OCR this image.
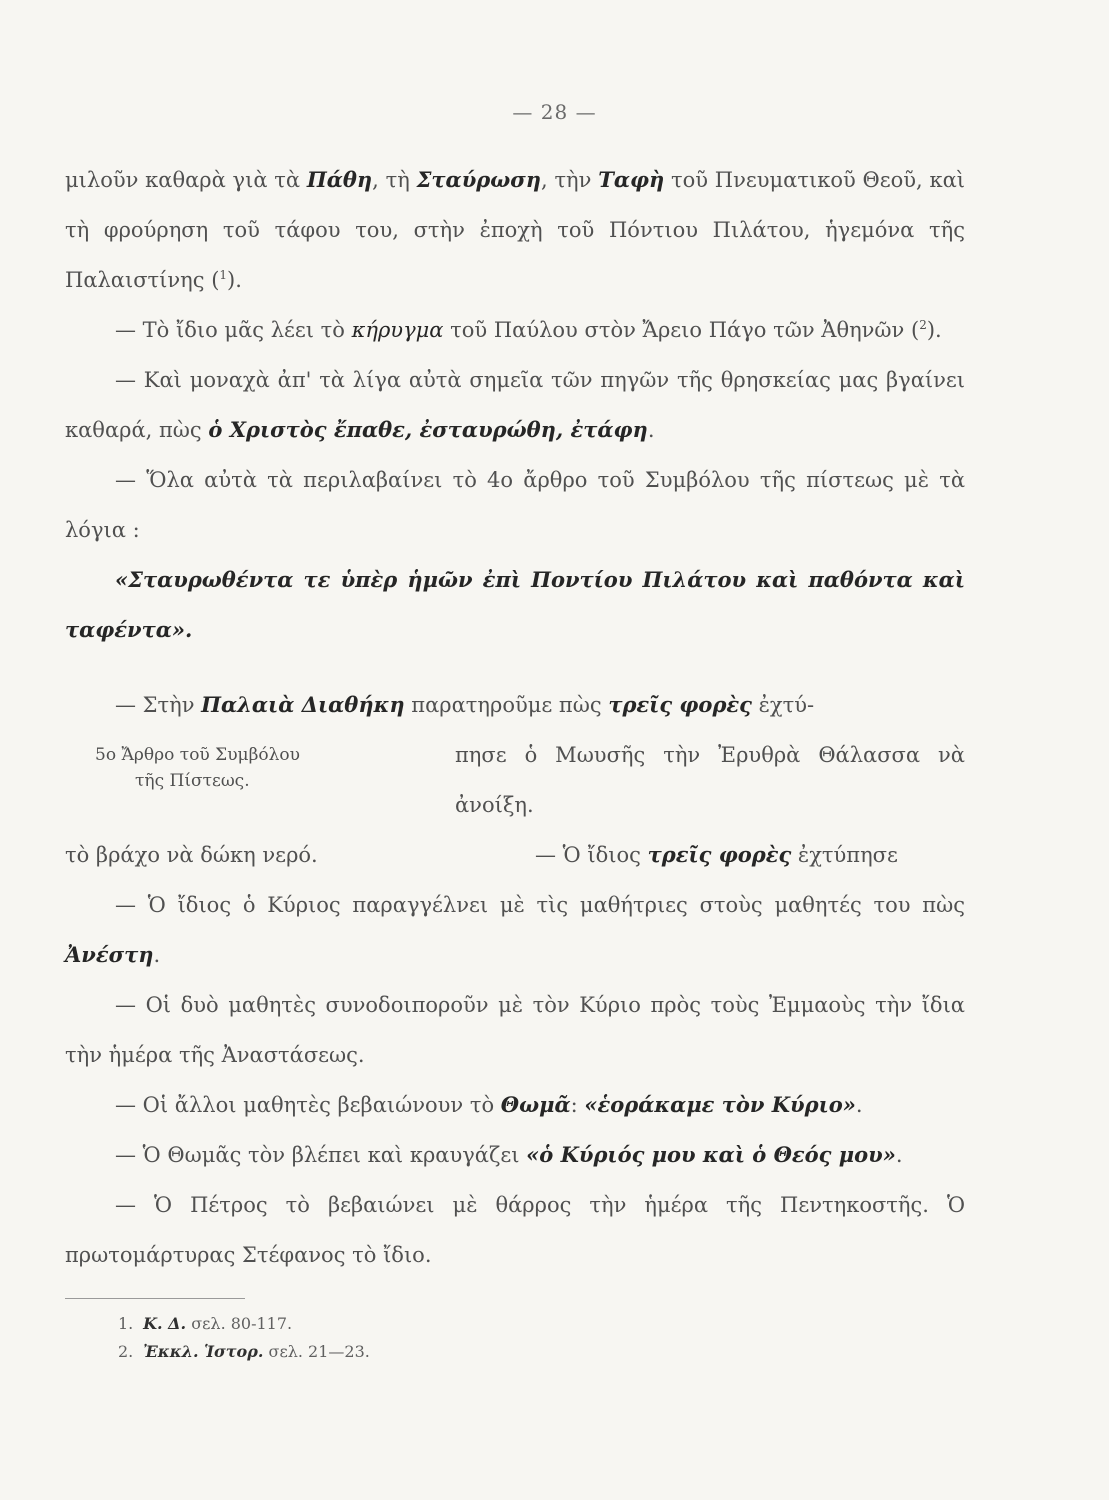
— 28 —

μιλοῦν καθαρὰ γιὰ τὰ Πάθη, τὴ Σταύρωση, τὴν Ταφὴ τοῦ Πνευματικοῦ Θεοῦ, καὶ τὴ φρούρηση τοῦ τάφου του, στὴν ἐποχὴ τοῦ Πόντιου Πιλάτου, ἡγεμόνα τῆς Παλαιστίνης ($^1$).

— Τὸ ἴδιο μᾶς λέει τὸ κήρυγμα τοῦ Παύλου στὸν Ἄρειο Πάγο τῶν Ἀθηνῶν ($^2$).

— Καὶ μοναχὰ ἀπ' τὰ λίγα αὐτὰ σημεῖα τῶν πηγῶν τῆς θρησκείας μας βγαίνει καθαρά, πὼς ὁ Χριστὸς ἔπαθε, ἐσταυρώθη, ἐτάφη.

— Ὅλα αὐτὰ τὰ περιλαβαίνει τὸ 4ο ἄρθρο τοῦ Συμβόλου τῆς πίστεως μὲ τὰ λόγια :

«Σταυρωθέντα τε ὑπὲρ ἡμῶν ἐπὶ Ποντίου Πιλάτου καὶ παθόντα καὶ ταφέντα».

— Στὴν Παλαιὰ Διαθήκη παρατηροῦμε πὼς τρεῖς φορὲς ἐχτύ-
5ο Ἄρθρο τοῦ Συμβόλου
τῆς Πίστεως.
πησε ὁ Μωυσῆς τὴν Ἐρυθρὰ Θάλασσα νὰ ἀνοίξη.
— Ὁ ἴδιος τρεῖς φορὲς ἐχτύπησε

τὸ βράχο νὰ δώκη νερό.

— Ὁ ἴδιος ὁ Κύριος παραγγέλνει μὲ τὶς μαθήτριες στοὺς μαθητές του πὼς Ἀνέστη.

— Οἱ δυὸ μαθητὲς συνοδοιποροῦν μὲ τὸν Κύριο πρὸς τοὺς Ἐμμαοὺς τὴν ἴδια τὴν ἡμέρα τῆς Ἀναστάσεως.

— Οἱ ἄλλοι μαθητὲς βεβαιώνουν τὸ Θωμᾶ: «ἑοράκαμε τὸν Κύριο».

— Ὁ Θωμᾶς τὸν βλέπει καὶ κραυγάζει «ὁ Κύριός μου καὶ ὁ Θεός μου».

— Ὁ Πέτρος τὸ βεβαιώνει μὲ θάρρος τὴν ἡμέρα τῆς Πεντηκοστῆς. Ὁ πρωτομάρτυρας Στέφανος τὸ ἴδιο.

1. Κ. Δ. σελ. 80-117.
2. Ἐκκλ. Ἱστορ. σελ. 21—23.
